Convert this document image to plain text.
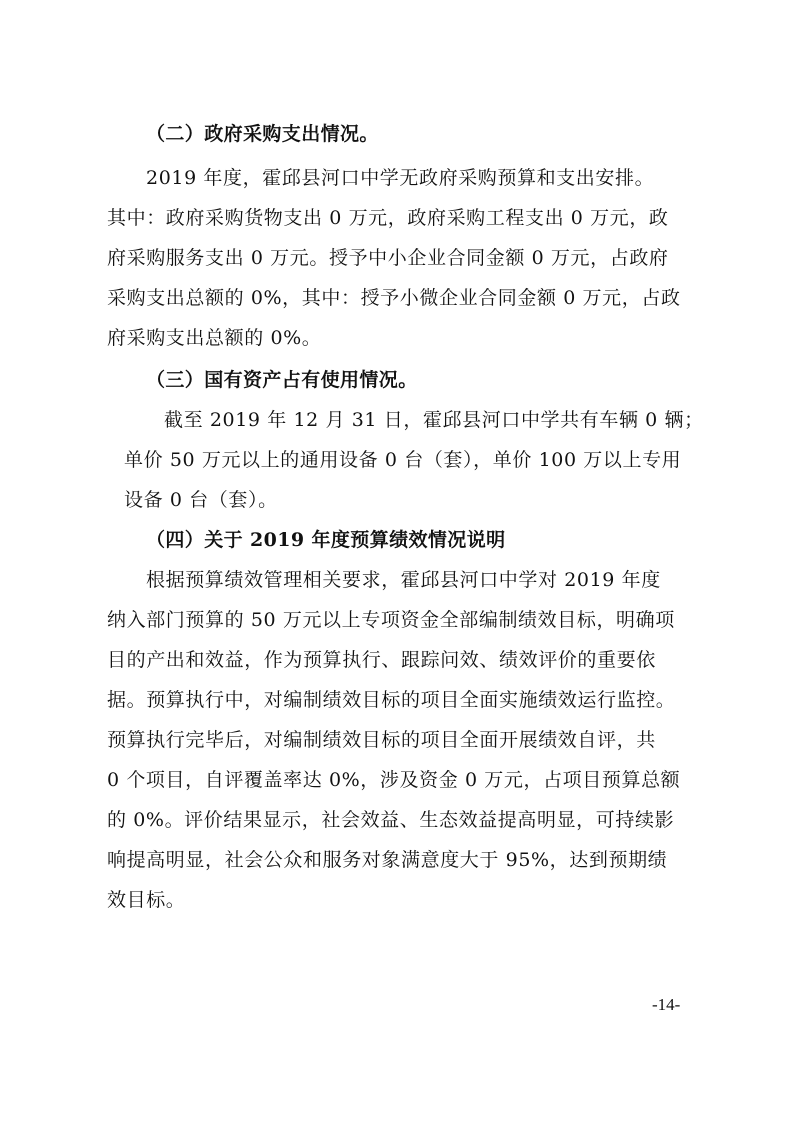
（二）政府采购支出情况。
2019 年度，霍邱县河口中学无政府采购预算和支出安排。
其中：政府采购货物支出 0 万元，政府采购工程支出 0 万元，政
府采购服务支出 0 万元。授予中小企业合同金额 0 万元，占政府
采购支出总额的 0%，其中：授予小微企业合同金额 0 万元，占政
府采购支出总额的 0%。
（三）国有资产占有使用情况。
截至 2019 年 12 月 31 日，霍邱县河口中学共有车辆 0 辆；
单价 50 万元以上的通用设备 0 台（套），单价 100 万以上专用
设备 0 台（套）。
（四）关于 2019 年度预算绩效情况说明
根据预算绩效管理相关要求，霍邱县河口中学对 2019 年度
纳入部门预算的 50 万元以上专项资金全部编制绩效目标，明确项
目的产出和效益，作为预算执行、跟踪问效、绩效评价的重要依
据。预算执行中，对编制绩效目标的项目全面实施绩效运行监控。
预算执行完毕后，对编制绩效目标的项目全面开展绩效自评，共
0 个项目，自评覆盖率达 0%，涉及资金 0 万元，占项目预算总额
的 0%。评价结果显示，社会效益、生态效益提高明显，可持续影
响提高明显，社会公众和服务对象满意度大于 95%，达到预期绩
效目标。
-14-
